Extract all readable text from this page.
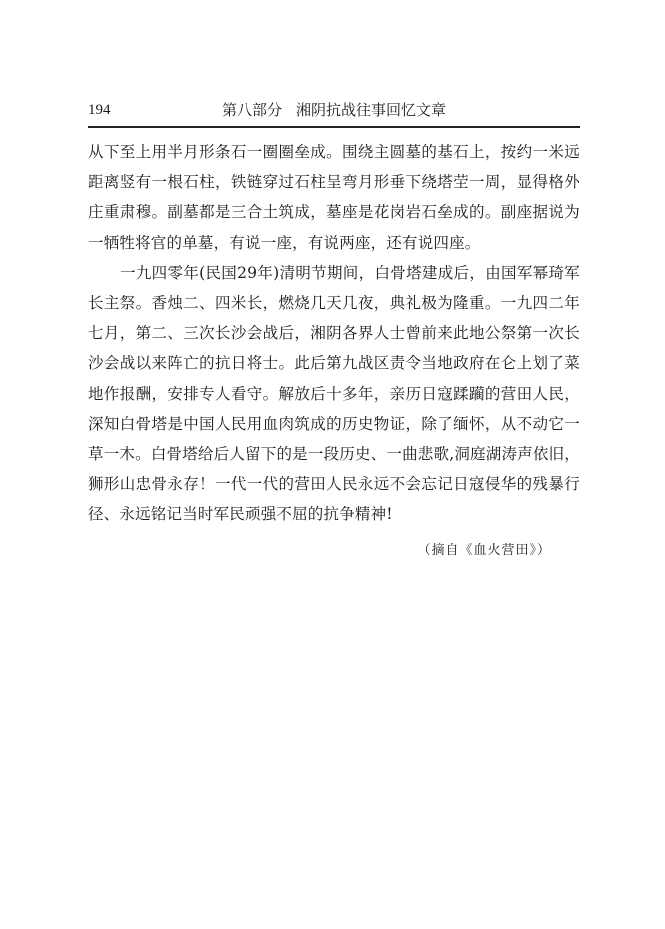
194	第八部分 湘阴抗战往事回忆文章

从下至上用半月形条石一圈圈垒成。围绕主圆墓的基石上，按约一米远距离竖有一根石柱，铁链穿过石柱呈弯月形垂下绕塔茔一周，显得格外庄重肃穆。副墓都是三合土筑成，墓座是花岗岩石垒成的。副座据说为一牺牲将官的单墓，有说一座，有说两座，还有说四座。

一九四零年(民国29年)清明节期间，白骨塔建成后，由国军幂琦军长主祭。香烛二、四米长，燃烧几天几夜，典礼极为隆重。一九四二年七月，第二、三次长沙会战后，湘阴各界人士曾前来此地公祭第一次长沙会战以来阵亡的抗日将士。此后第九战区责令当地政府在仑上划了菜地作报酬，安排专人看守。解放后十多年，亲历日寇蹂躏的营田人民，深知白骨塔是中国人民用血肉筑成的历史物证，除了缅怀，从不动它一草一木。白骨塔给后人留下的是一段历史、一曲悲歌,洞庭湖涛声依旧，狮形山忠骨永存！一代一代的营田人民永远不会忘记日寇侵华的残暴行径、永远铭记当时军民顽强不屈的抗争精神!

（摘自《血火营田》）
